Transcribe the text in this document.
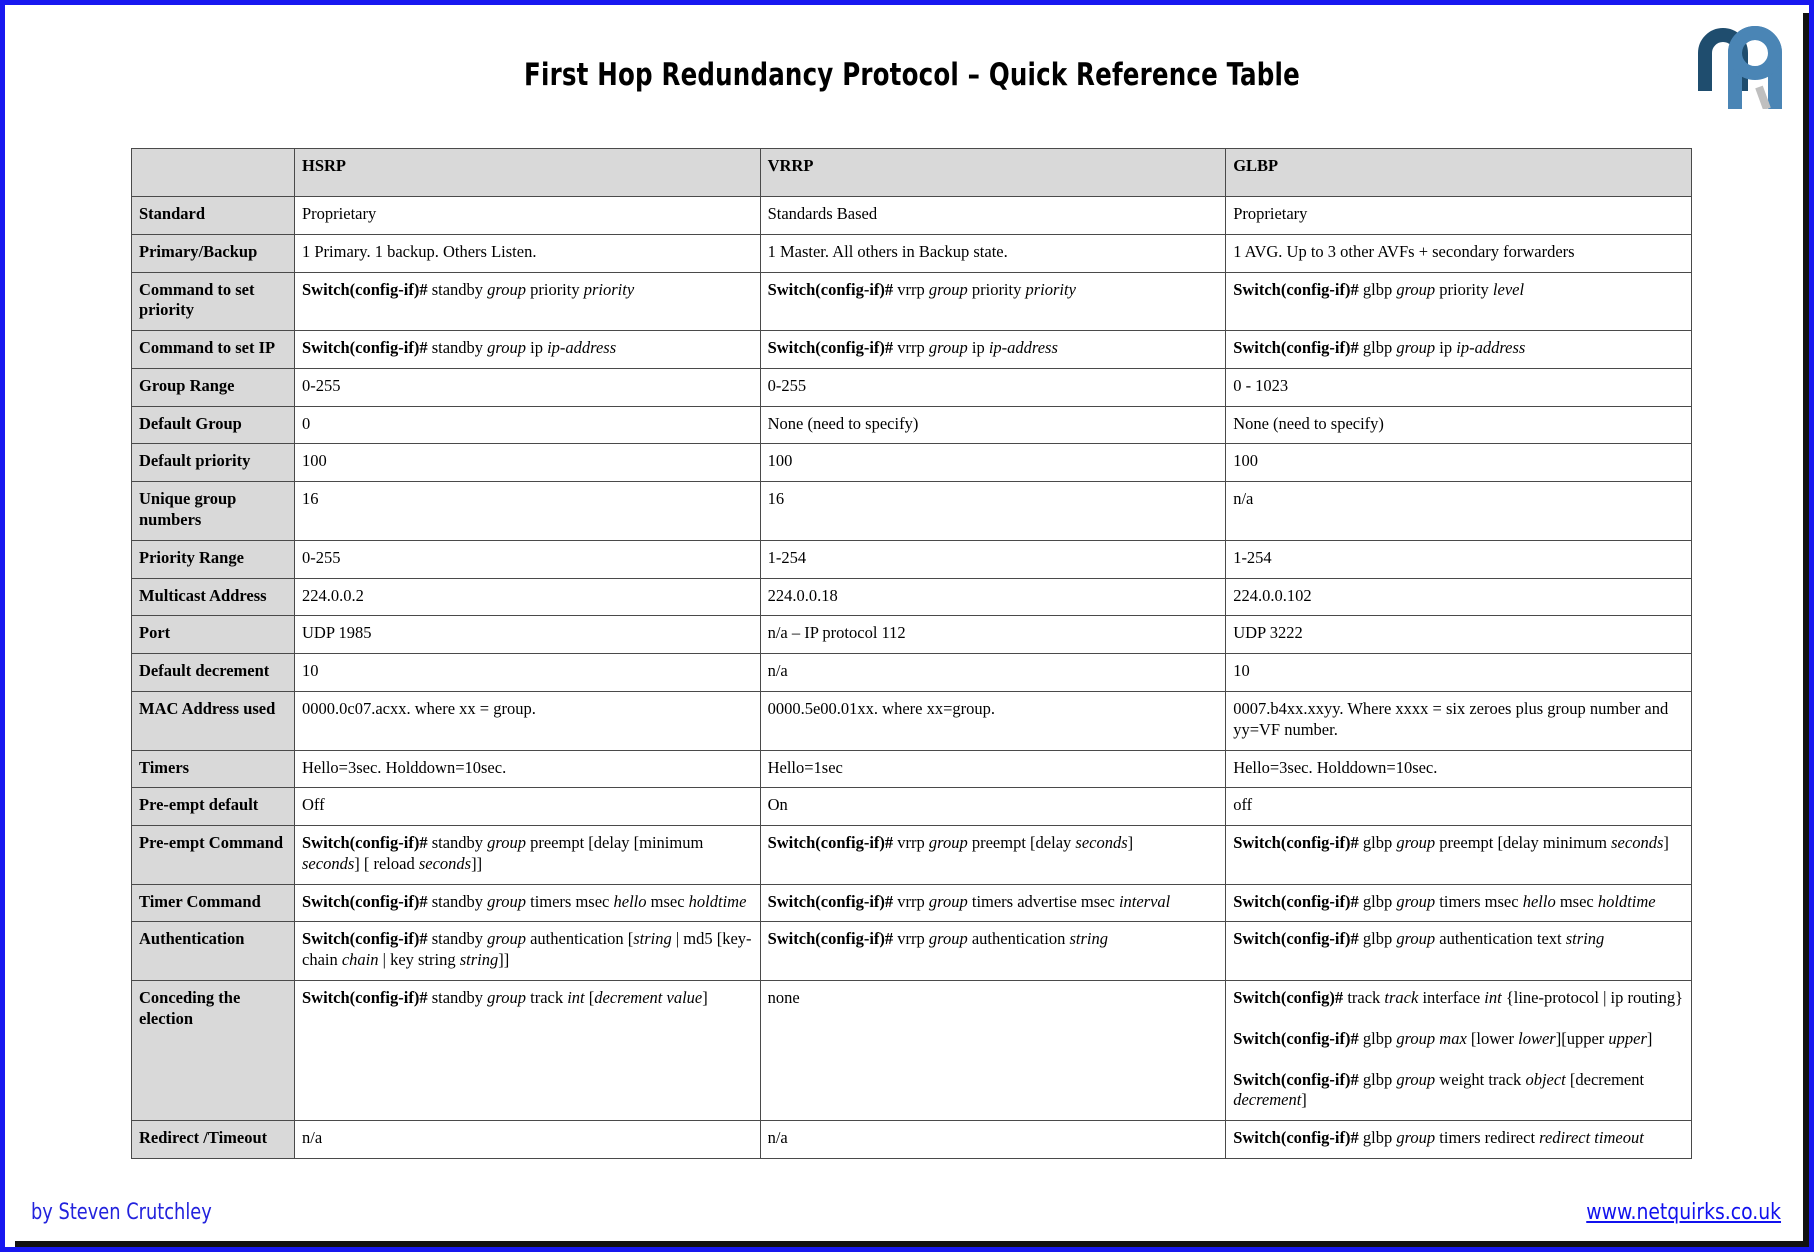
First Hop Redundancy Protocol – Quick Reference Table
	HSRP	VRRP	GLBP
Standard	Proprietary	Standards Based	Proprietary

Primary/Backup	1 Primary. 1 backup. Others Listen.	1 Master. All others in Backup state.	1 AVG. Up to 3 other AVFs + secondary forwarders

Command to set priority	Switch(config-if)# standby group priority priority	Switch(config-if)# vrrp group priority priority	Switch(config-if)# glbp group priority level

Command to set IP	Switch(config-if)# standby group ip ip-address	Switch(config-if)# vrrp group ip ip-address	Switch(config-if)# glbp group ip ip-address

Group Range	0-255	0-255	0 - 1023

Default Group	0	None (need to specify)	None (need to specify)

Default priority	100	100	100

Unique group numbers	16	16	n/a

Priority Range	0-255	1-254	1-254

Multicast Address	224.0.0.2	224.0.0.18	224.0.0.102

Port	UDP 1985	n/a – IP protocol 112	UDP 3222

Default decrement	10	n/a	10

MAC Address used	0000.0c07.acxx. where xx = group.	0000.5e00.01xx. where xx=group.	0007.b4xx.xxyy. Where xxxx = six zeroes plus group number and yy=VF number.

Timers	Hello=3sec. Holddown=10sec.	Hello=1sec	Hello=3sec. Holddown=10sec.

Pre-empt default	Off	On	off

Pre-empt Command	Switch(config-if)# standby group preempt [delay [minimum seconds] [ reload seconds]]	Switch(config-if)# vrrp group preempt [delay seconds]	Switch(config-if)# glbp group preempt [delay minimum seconds]

Timer Command	Switch(config-if)# standby group timers msec hello msec holdtime	Switch(config-if)# vrrp group timers advertise msec interval	Switch(config-if)# glbp group timers msec hello msec holdtime

Authentication	Switch(config-if)# standby group authentication [string | md5 [key-chain chain | key string string]]	Switch(config-if)# vrrp group authentication string	Switch(config-if)# glbp group authentication text string

Conceding the election	Switch(config-if)# standby group track int [decrement value]	none	Switch(config)# track track interface int {line-protocol | ip routing}
Switch(config-if)# glbp group max [lower lower][upper upper]
Switch(config-if)# glbp group weight track object [decrement decrement]

Redirect /Timeout	n/a	n/a	Switch(config-if)# glbp group timers redirect redirect timeout
by Steven Crutchley	www.netquirks.co.uk
